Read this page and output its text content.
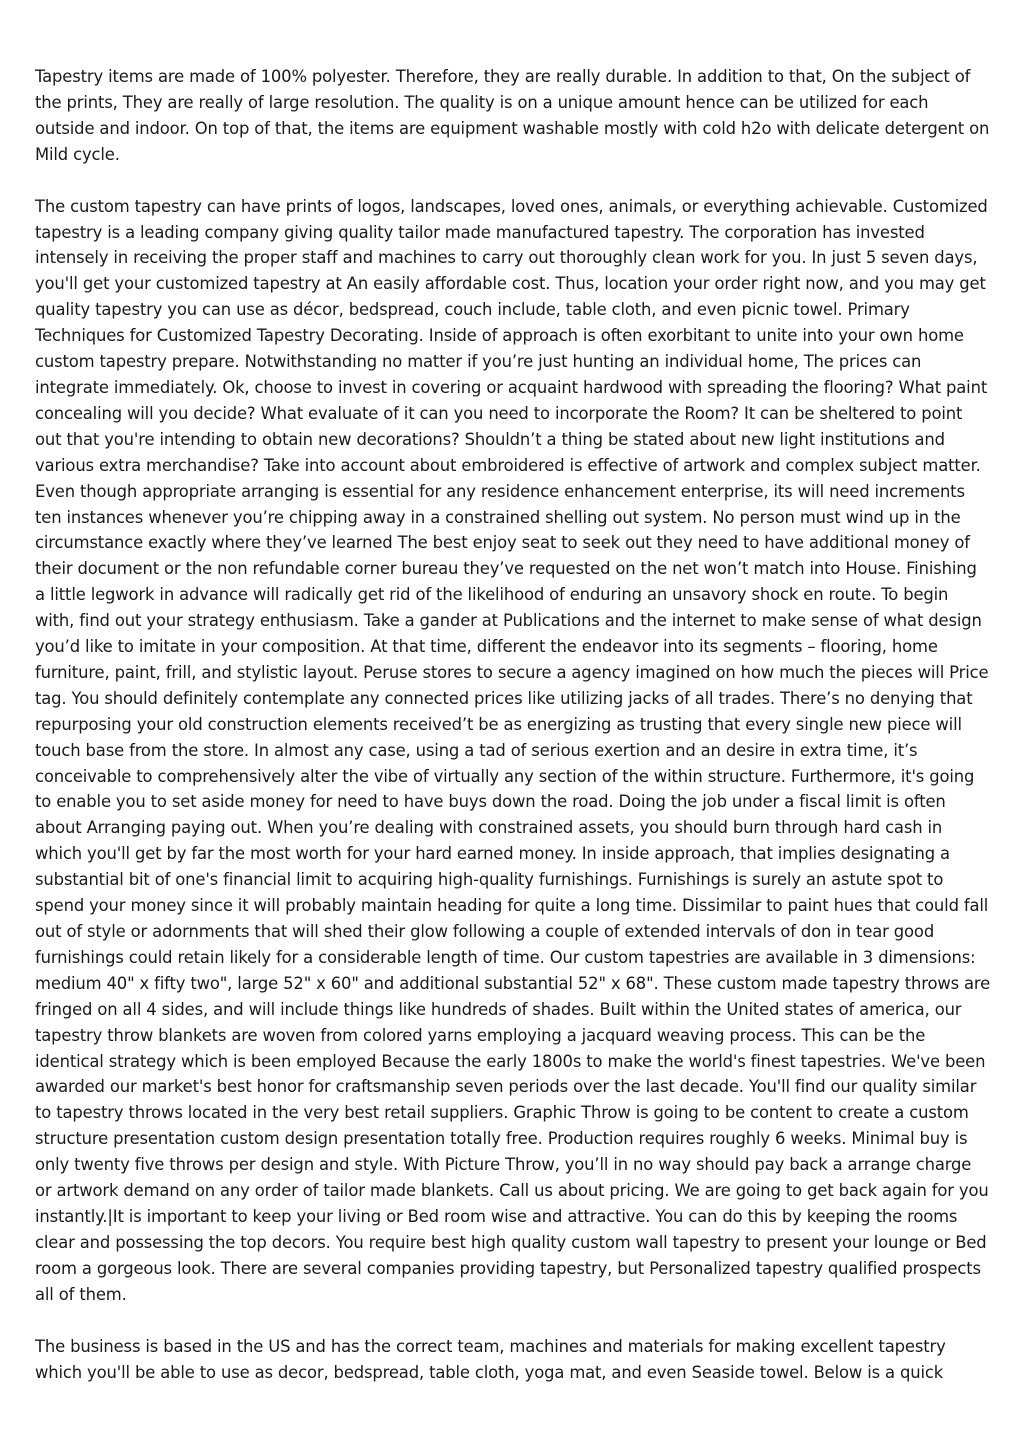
Tapestry items are made of 100% polyester. Therefore, they are really durable. In addition to that, On the subject of the prints, They are really of large resolution. The quality is on a unique amount hence can be utilized for each outside and indoor. On top of that, the items are equipment washable mostly with cold h2o with delicate detergent on Mild cycle.

The custom tapestry can have prints of logos, landscapes, loved ones, animals, or everything achievable. Customized tapestry is a leading company giving quality tailor made manufactured tapestry. The corporation has invested intensely in receiving the proper staff and machines to carry out thoroughly clean work for you. In just 5 seven days, you'll get your customized tapestry at An easily affordable cost. Thus, location your order right now, and you may get quality tapestry you can use as décor, bedspread, couch include, table cloth, and even picnic towel. Primary Techniques for Customized Tapestry Decorating. Inside of approach is often exorbitant to unite into your own home custom tapestry prepare. Notwithstanding no matter if you’re just hunting an individual home, The prices can integrate immediately. Ok, choose to invest in covering or acquaint hardwood with spreading the flooring? What paint concealing will you decide? What evaluate of it can you need to incorporate the Room? It can be sheltered to point out that you're intending to obtain new decorations? Shouldn’t a thing be stated about new light institutions and various extra merchandise? Take into account about embroidered is effective of artwork and complex subject matter. Even though appropriate arranging is essential for any residence enhancement enterprise, its will need increments ten instances whenever you’re chipping away in a constrained shelling out system. No person must wind up in the circumstance exactly where they’ve learned The best enjoy seat to seek out they need to have additional money of their document or the non refundable corner bureau they’ve requested on the net won’t match into House. Finishing a little legwork in advance will radically get rid of the likelihood of enduring an unsavory shock en route. To begin with, find out your strategy enthusiasm. Take a gander at Publications and the internet to make sense of what design you’d like to imitate in your composition. At that time, different the endeavor into its segments – flooring, home furniture, paint, frill, and stylistic layout. Peruse stores to secure a agency imagined on how much the pieces will Price tag. You should definitely contemplate any connected prices like utilizing jacks of all trades. There’s no denying that repurposing your old construction elements received’t be as energizing as trusting that every single new piece will touch base from the store. In almost any case, using a tad of serious exertion and an desire in extra time, it’s conceivable to comprehensively alter the vibe of virtually any section of the within structure. Furthermore, it's going to enable you to set aside money for need to have buys down the road. Doing the job under a fiscal limit is often about Arranging paying out. When you’re dealing with constrained assets, you should burn through hard cash in which you'll get by far the most worth for your hard earned money. In inside approach, that implies designating a substantial bit of one's financial limit to acquiring high-quality furnishings. Furnishings is surely an astute spot to spend your money since it will probably maintain heading for quite a long time. Dissimilar to paint hues that could fall out of style or adornments that will shed their glow following a couple of extended intervals of don in tear good furnishings could retain likely for a considerable length of time. Our custom tapestries are available in 3 dimensions: medium 40" x fifty two", large 52" x 60" and additional substantial 52" x 68". These custom made tapestry throws are fringed on all 4 sides, and will include things like hundreds of shades. Built within the United states of america, our tapestry throw blankets are woven from colored yarns employing a jacquard weaving process. This can be the identical strategy which is been employed Because the early 1800s to make the world's finest tapestries. We've been awarded our market's best honor for craftsmanship seven periods over the last decade. You'll find our quality similar to tapestry throws located in the very best retail suppliers. Graphic Throw is going to be content to create a custom structure presentation custom design presentation totally free. Production requires roughly 6 weeks. Minimal buy is only twenty five throws per design and style. With Picture Throw, you’ll in no way should pay back a arrange charge or artwork demand on any order of tailor made blankets. Call us about pricing. We are going to get back again for you instantly.|It is important to keep your living or Bed room wise and attractive. You can do this by keeping the rooms clear and possessing the top decors. You require best high quality custom wall tapestry to present your lounge or Bed room a gorgeous look. There are several companies providing tapestry, but Personalized tapestry qualified prospects all of them.

The business is based in the US and has the correct team, machines and materials for making excellent tapestry which you'll be able to use as decor, bedspread, table cloth, yoga mat, and even Seaside towel. Below is a quick
